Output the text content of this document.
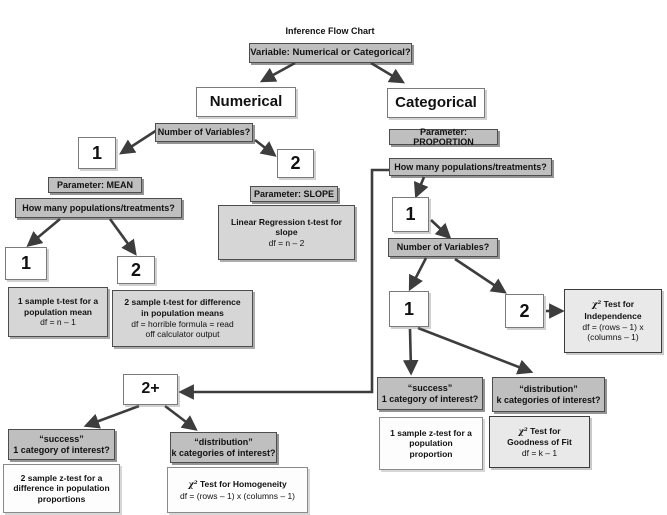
Inference Flow Chart
Variable: Numerical or Categorical?
Numerical	Categorical
Number of Variables?
1
Parameter: MEAN
How many populations/treatments?
1	2
1 sample t-test for a
population mean
df = n – 1
2 sample t-test for difference
in population means
df = horrible formula = read
off calculator output
2
Parameter: SLOPE
Linear Regression t-test for
slope
df = n – 2
Parameter: PROPORTION
How many populations/treatments?
1
Number of Variables?
1	2	χ² Test for
Independence
df = (rows – 1) x
(columns – 1)
“success”
1 category of interest?
“distribution”
k categories of interest?
1 sample z-test for a
population
proportion
χ² Test for
Goodness of Fit
df = k – 1
2+
“success”
1 category of interest?
“distribution”
k categories of interest?
2 sample z-test for a
difference in population
proportions
χ² Test for Homogeneity
df = (rows – 1) x (columns – 1)
